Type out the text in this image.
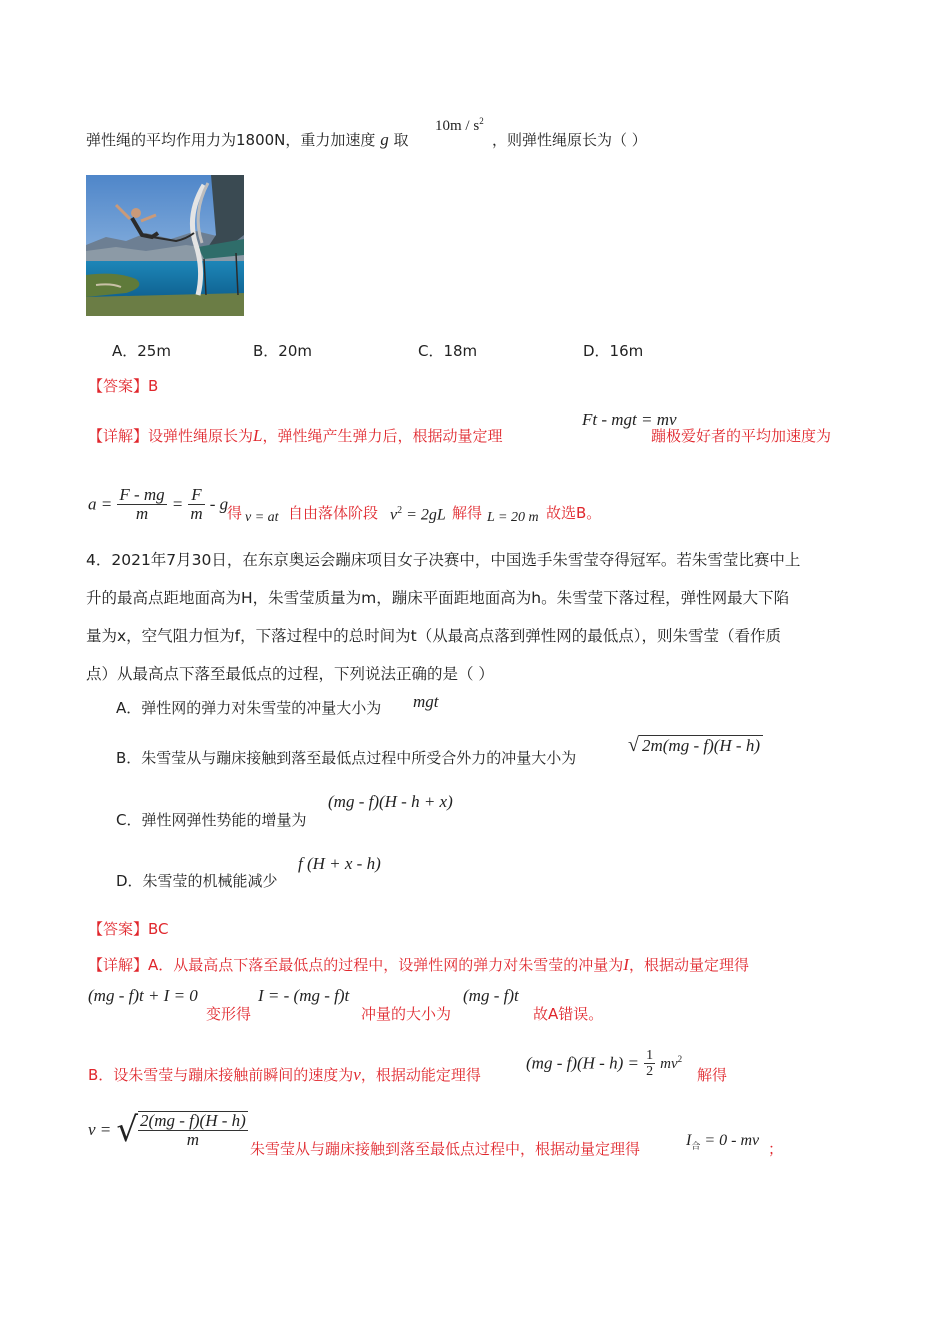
弹性绳的平均作用力为1800N，重力加速度 g 取
$10m / s^2$
，则弹性绳原长为（ ）
A．25m	B．20m	C．18m	D．16m
【答案】B
【详解】设弹性绳原长为L，弹性绳产生弹力后，根据动量定理
Ft - mgt = mv
蹦极爱好者的平均加速度为
$a = \frac{F - mg}{m} = \frac{F}{m} - g$
得 v = at 自由落体阶段 $v^2 = 2gL$ 解得 L = 20 m 故选B。
4．2021年7月30日，在东京奥运会蹦床项目女子决赛中，中国选手朱雪莹夺得冠军。若朱雪莹比赛中上
升的最高点距地面高为H，朱雪莹质量为m，蹦床平面距地面高为h。朱雪莹下落过程，弹性网最大下陷
量为x，空气阻力恒为f，下落过程中的总时间为t（从最高点落到弹性网的最低点），则朱雪莹（看作质
点）从最高点下落至最低点的过程，下列说法正确的是（ ）
A．弹性网的弹力对朱雪莹的冲量大小为 mgt
B．朱雪莹从与蹦床接触到落至最低点过程中所受合外力的冲量大小为
√ 2m(mg - f)(H - h)
C．弹性网弹性势能的增量为
(mg - f)(H - h + x)
D．朱雪莹的机械能减少
f (H + x - h)
【答案】BC
【详解】A．从最高点下落至最低点的过程中，设弹性网的弹力对朱雪莹的冲量为I，根据动量定理得
(mg - f)t + I = 0
变形得
I = - (mg - f)t
冲量的大小为
(mg - f)t
故A错误。
B．设朱雪莹与蹦床接触前瞬间的速度为v，根据动能定理得
$(mg - f)(H - h) = \frac{1}{2} mv^2$
解得
v = √ $\frac{2(mg - f)(H - h)}{m}$ 朱雪莹从与蹦床接触到落至最低点过程中，根据动量定理得	$I_合 = 0$ - mv ；
